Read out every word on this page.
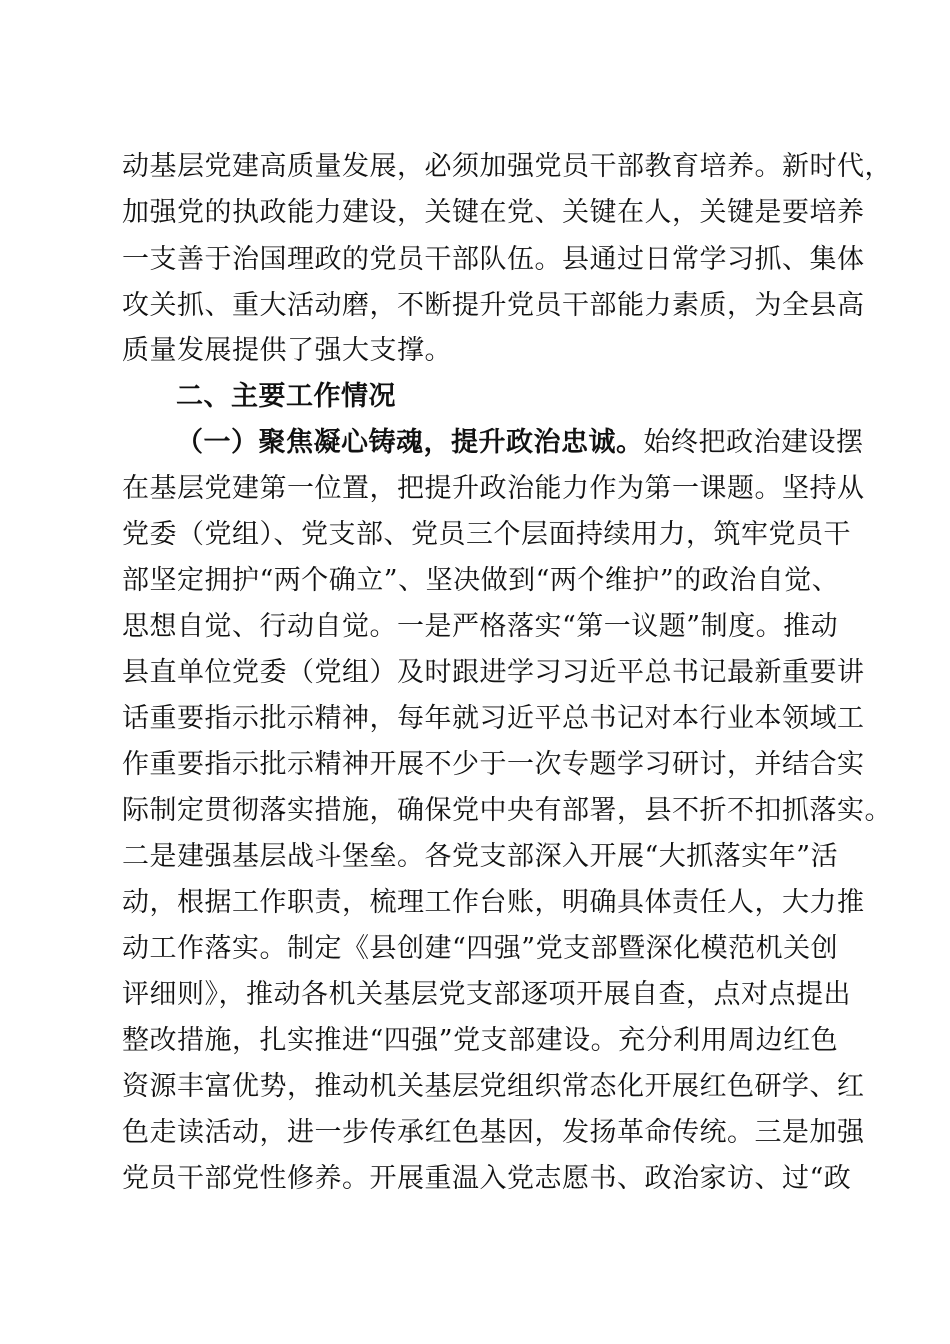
动基层党建高质量发展，必须加强党员干部教育培养。新时代，
加强党的执政能力建设，关键在党、关键在人，关键是要培养
一支善于治国理政的党员干部队伍。县通过日常学习抓、集体
攻关抓、重大活动磨，不断提升党员干部能力素质，为全县高
质量发展提供了强大支撑。
二、主要工作情况
（一）聚焦凝心铸魂，提升政治忠诚。始终把政治建设摆
在基层党建第一位置，把提升政治能力作为第一课题。坚持从
党委（党组）、党支部、党员三个层面持续用力，筑牢党员干
部坚定拥护“两个确立”、坚决做到“两个维护”的政治自觉、
思想自觉、行动自觉。一是严格落实“第一议题”制度。推动
县直单位党委（党组）及时跟进学习习近平总书记最新重要讲
话重要指示批示精神，每年就习近平总书记对本行业本领域工
作重要指示批示精神开展不少于一次专题学习研讨，并结合实
际制定贯彻落实措施，确保党中央有部署，县不折不扣抓落实。
二是建强基层战斗堡垒。各党支部深入开展“大抓落实年”活
动，根据工作职责，梳理工作台账，明确具体责任人，大力推
动工作落实。制定《县创建“四强”党支部暨深化模范机关创
评细则》，推动各机关基层党支部逐项开展自查，点对点提出
整改措施，扎实推进“四强”党支部建设。充分利用周边红色
资源丰富优势，推动机关基层党组织常态化开展红色研学、红
色走读活动，进一步传承红色基因，发扬革命传统。三是加强
党员干部党性修养。开展重温入党志愿书、政治家访、过“政
